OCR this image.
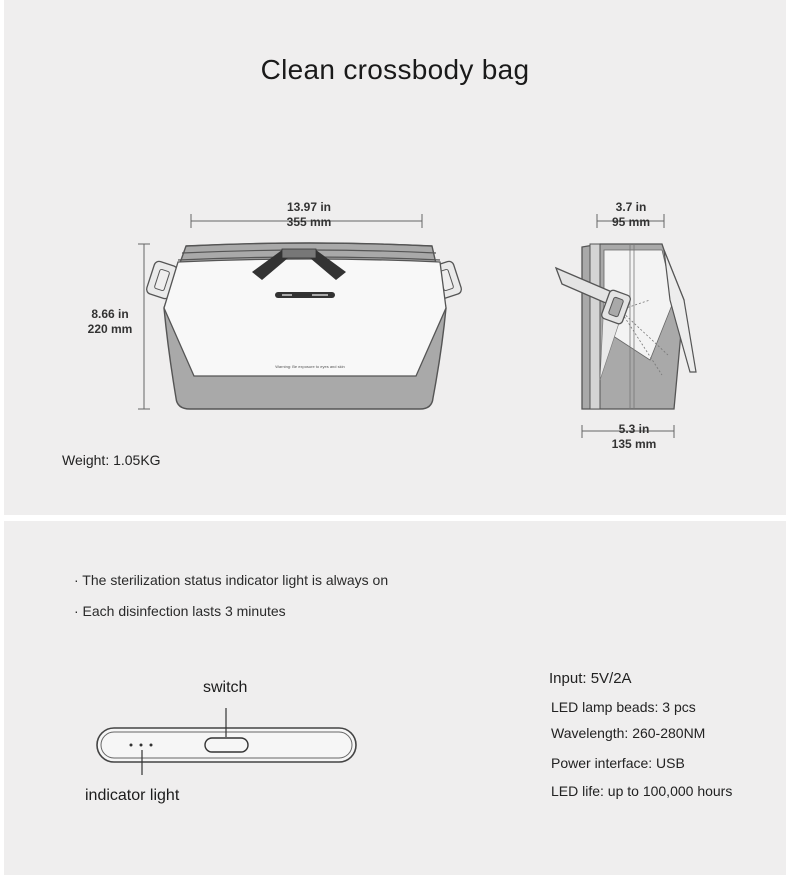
Clean crossbody bag
Warning: Be exposure to eyes and skin
13.97 in
355 mm
8.66 in
220 mm
3.7 in
95 mm
5.3 in
135 mm
Weight: 1.05KG
· The sterilization status indicator light is always on
· Each disinfection lasts 3 minutes
switch
indicator light
Input: 5V/2A
LED lamp beads: 3 pcs
Wavelength: 260-280NM
Power interface: USB
LED life: up to 100,000 hours
